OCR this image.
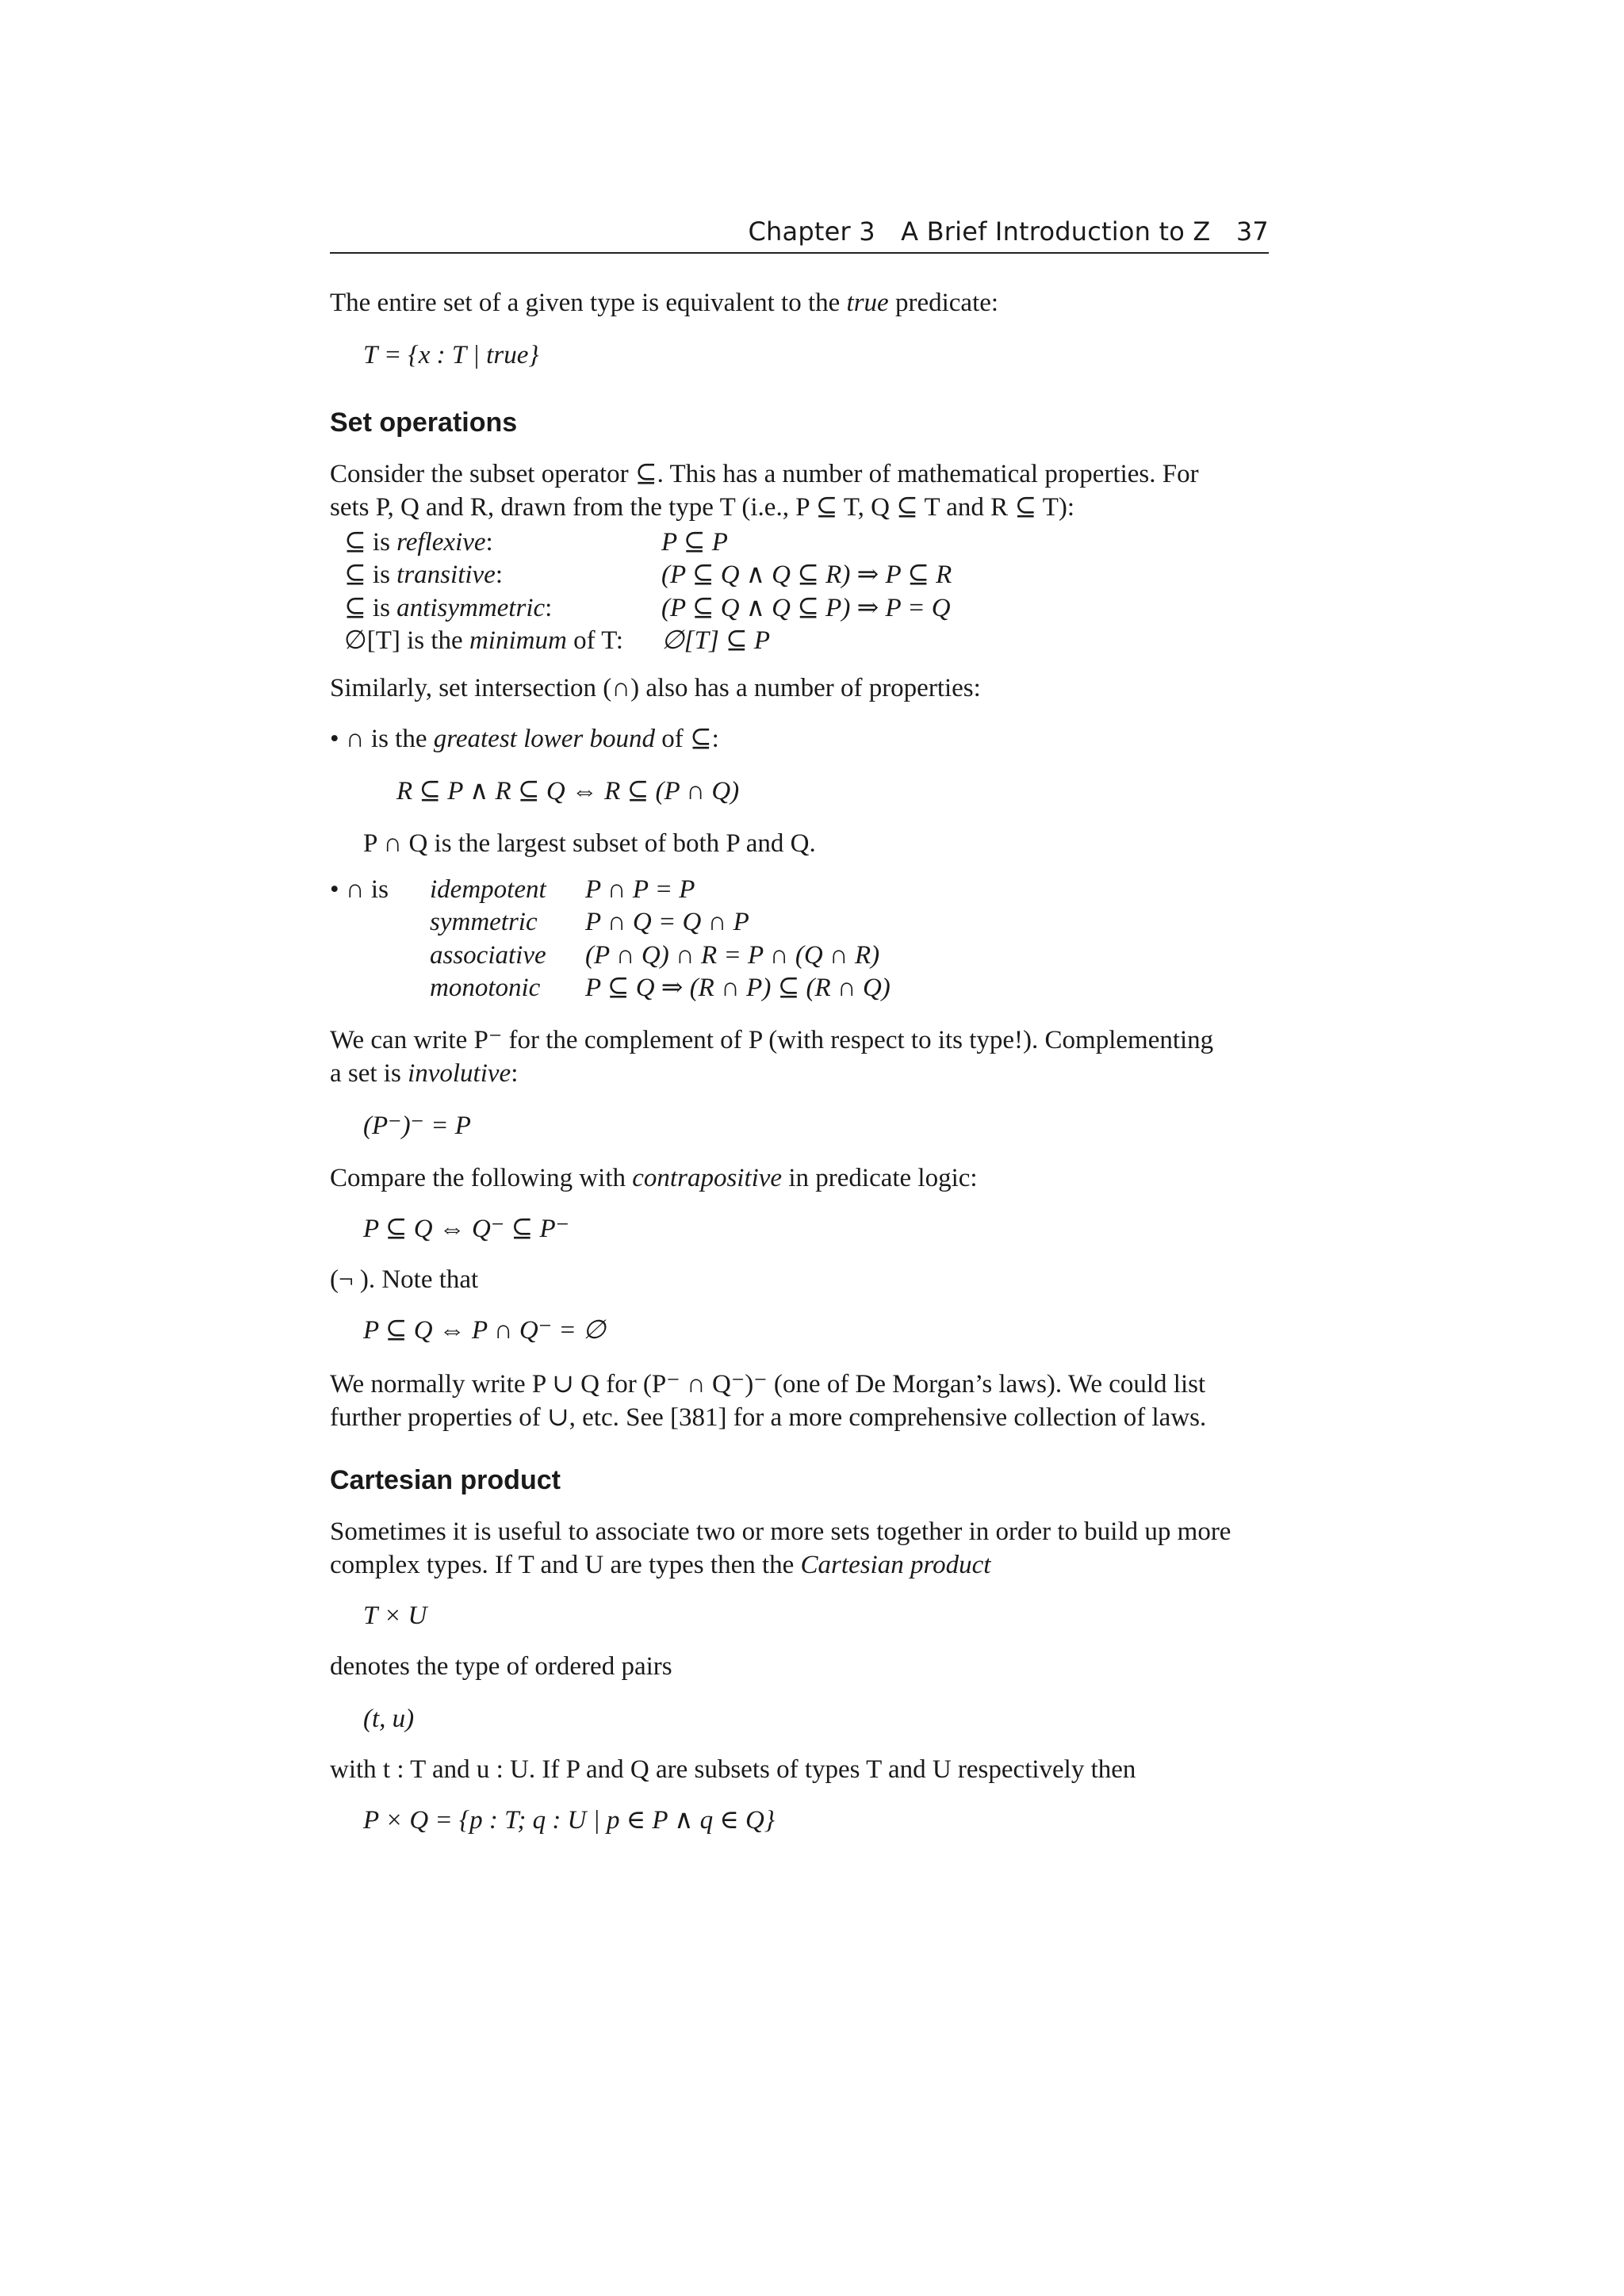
Chapter 3 A Brief Introduction to Z 37

The entire set of a given type is equivalent to the true predicate:

T = {x : T | true}
Set operations

Consider the subset operator ⊆. This has a number of mathematical properties. For

sets P, Q and R, drawn from the type T (i.e., P ⊆ T, Q ⊆ T and R ⊆ T):

⊆ is reflexive:	P ⊆ P
⊆ is transitive:	(P ⊆ Q ∧ Q ⊆ R) ⇒ P ⊆ R
⊆ is antisymmetric:	(P ⊆ Q ∧ Q ⊆ P) ⇒ P = Q
∅[T] is the minimum of T:	∅[T] ⊆ P

Similarly, set intersection (∩) also has a number of properties:

• ∩ is the greatest lower bound of ⊆:
R ⊆ P ∧ R ⊆ Q ⇔ R ⊆ (P ∩ Q)
P ∩ Q is the largest subset of both P and Q.
• ∩ is	idempotent	P ∩ P = P
	symmetric	P ∩ Q = Q ∩ P
	associative	(P ∩ Q) ∩ R = P ∩ (Q ∩ R)
	monotonic	P ⊆ Q ⇒ (R ∩ P) ⊆ (R ∩ Q)

We can write P⁻ for the complement of P (with respect to its type!). Complementing

a set is involutive:

(P⁻)⁻ = P

Compare the following with contrapositive in predicate logic:

P ⊆ Q ⇔ Q⁻ ⊆ P⁻

(¬ ). Note that

P ⊆ Q ⇔ P ∩ Q⁻ = ∅

We normally write P ∪ Q for (P⁻ ∩ Q⁻)⁻ (one of De Morgan’s laws). We could list

further properties of ∪, etc. See [381] for a more comprehensive collection of laws.

Cartesian product

Sometimes it is useful to associate two or more sets together in order to build up more

complex types. If T and U are types then the Cartesian product

T × U

denotes the type of ordered pairs

(t, u)

with t : T and u : U. If P and Q are subsets of types T and U respectively then

P × Q = {p : T; q : U | p ∈ P ∧ q ∈ Q}
